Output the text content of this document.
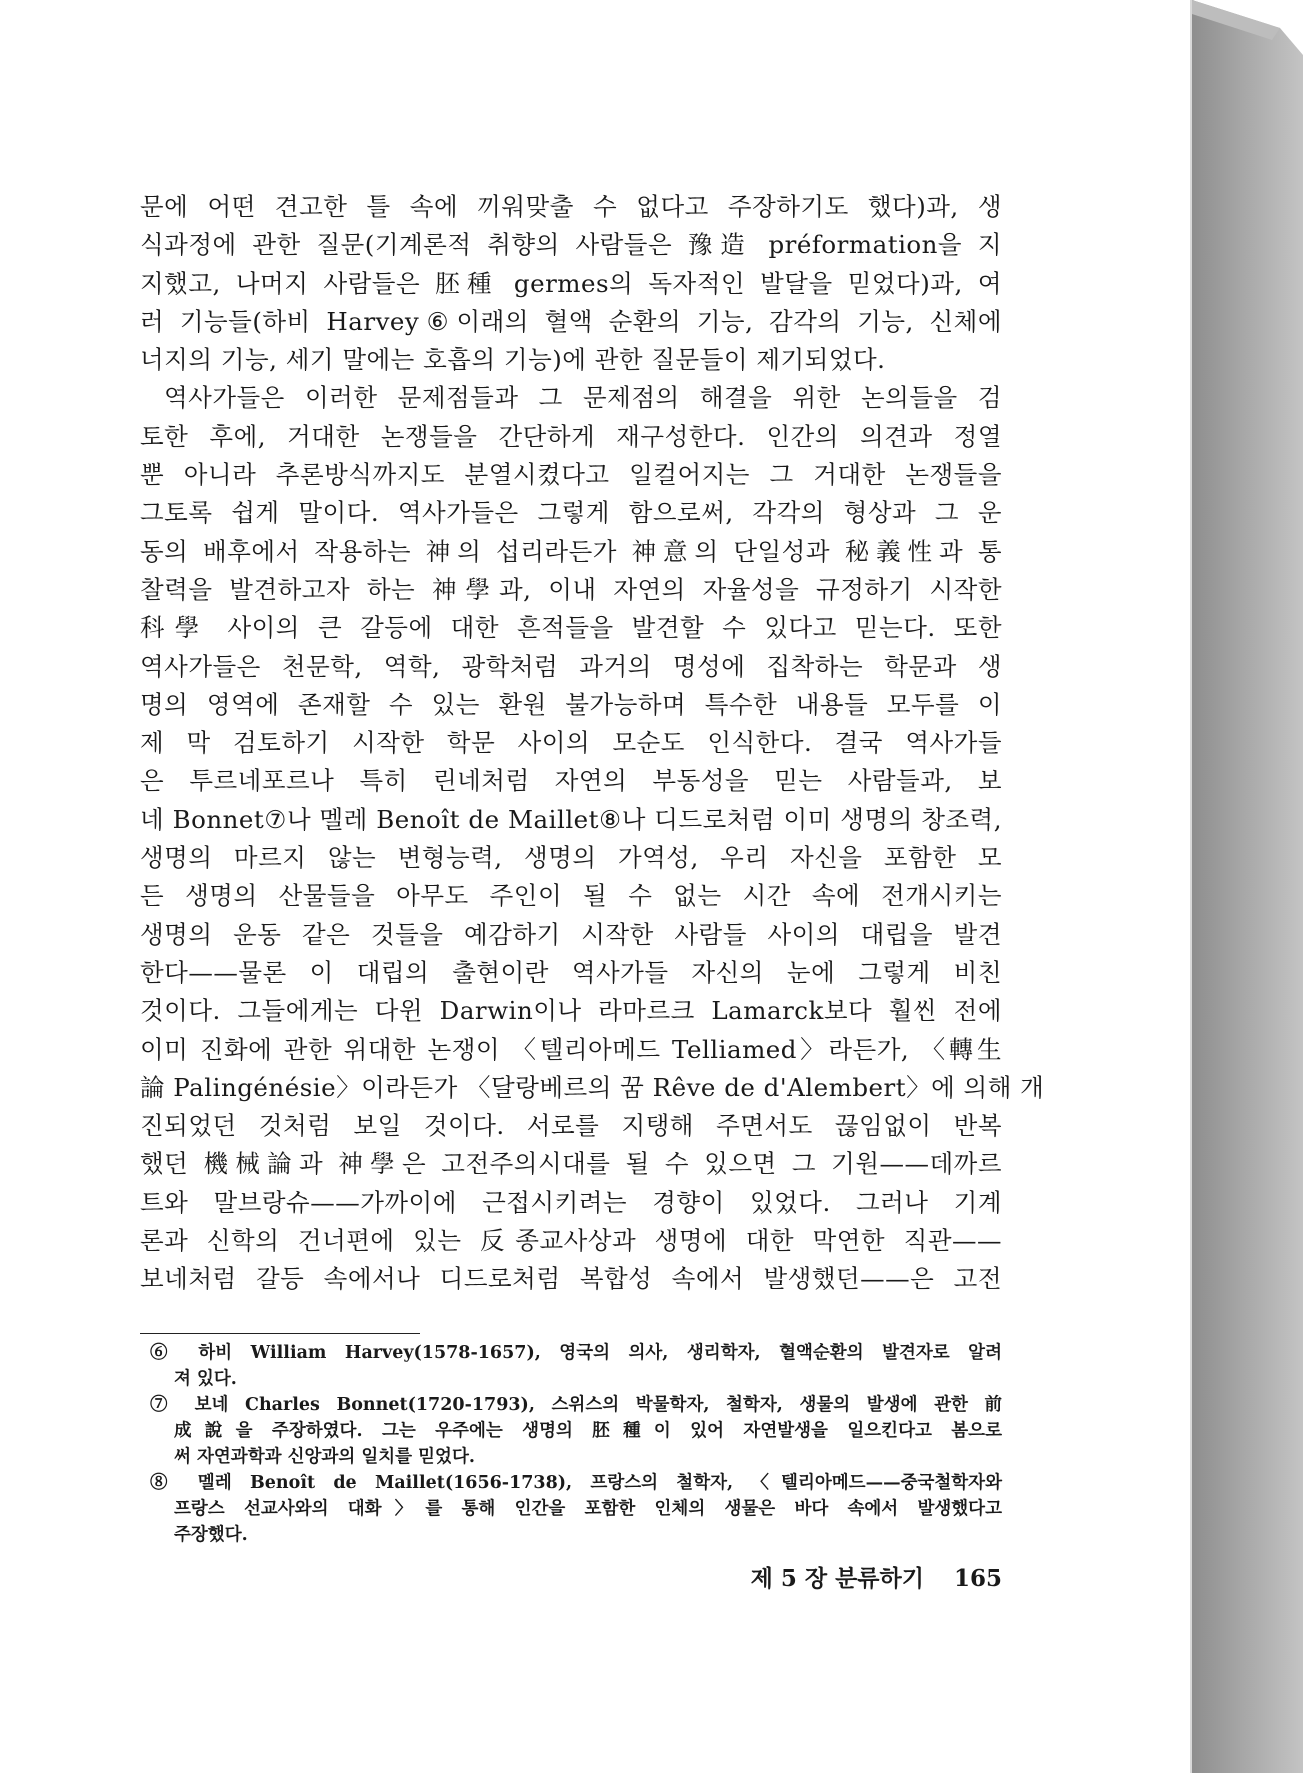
문에 어떤 견고한 틀 속에 끼워맞출 수 없다고 주장하기도 했다)과, 생
식과정에 관한 질문(기계론적 취향의 사람들은 豫造 préformation을 지
지했고, 나머지 사람들은 胚種 germes의 독자적인 발달을 믿었다)과, 여
러 기능들(하비 Harvey⑥이래의 혈액 순환의 기능, 감각의 기능, 신체에
너지의 기능, 세기 말에는 호흡의 기능)에 관한 질문들이 제기되었다.
역사가들은 이러한 문제점들과 그 문제점의 해결을 위한 논의들을 검
토한 후에, 거대한 논쟁들을 간단하게 재구성한다. 인간의 의견과 정열
뿐 아니라 추론방식까지도 분열시켰다고 일컬어지는 그 거대한 논쟁들을
그토록 쉽게 말이다. 역사가들은 그렇게 함으로써, 각각의 형상과 그 운
동의 배후에서 작용하는 神의 섭리라든가 神意의 단일성과 秘義性과 통
찰력을 발견하고자 하는 神學과, 이내 자연의 자율성을 규정하기 시작한
科學 사이의 큰 갈등에 대한 흔적들을 발견할 수 있다고 믿는다. 또한
역사가들은 천문학, 역학, 광학처럼 과거의 명성에 집착하는 학문과 생
명의 영역에 존재할 수 있는 환원 불가능하며 특수한 내용들 모두를 이
제 막 검토하기 시작한 학문 사이의 모순도 인식한다. 결국 역사가들
은 투르네포르나 특히 린네처럼 자연의 부동성을 믿는 사람들과, 보
네 Bonnet⑦나 멜레 Benoît de Maillet⑧나 디드로처럼 이미 생명의 창조력,
생명의 마르지 않는 변형능력, 생명의 가역성, 우리 자신을 포함한 모
든 생명의 산물들을 아무도 주인이 될 수 없는 시간 속에 전개시키는
생명의 운동 같은 것들을 예감하기 시작한 사람들 사이의 대립을 발견
한다——물론 이 대립의 출현이란 역사가들 자신의 눈에 그렇게 비친
것이다. 그들에게는 다윈 Darwin이나 라마르크 Lamarck보다 훨씬 전에
이미 진화에 관한 위대한 논쟁이 〈텔리아메드 Telliamed〉라든가, 〈轉生
論 Palingénésie〉이라든가 〈달랑베르의 꿈 Rêve de d'Alembert〉에 의해 개
진되었던 것처럼 보일 것이다. 서로를 지탱해 주면서도 끊임없이 반복
했던 機械論과 神學은 고전주의시대를 될 수 있으면 그 기원——데까르
트와 말브랑슈——가까이에 근접시키려는 경향이 있었다. 그러나 기계
론과 신학의 건너편에 있는 反종교사상과 생명에 대한 막연한 직관——
보네처럼 갈등 속에서나 디드로처럼 복합성 속에서 발생했던——은 고전
⑥ 하비 William Harvey(1578-1657), 영국의 의사, 생리학자, 혈액순환의 발견자로 알려
져 있다.
⑦ 보네 Charles Bonnet(1720-1793), 스위스의 박물학자, 철학자, 생물의 발생에 관한 前
成說을 주장하였다. 그는 우주에는 생명의 胚種이 있어 자연발생을 일으킨다고 봄으로
써 자연과학과 신앙과의 일치를 믿었다.
⑧ 멜레 Benoît de Maillet(1656-1738), 프랑스의 철학자, 〈텔리아메드——중국철학자와
프랑스 선교사와의 대화〉를 통해 인간을 포함한 인체의 생물은 바다 속에서 발생했다고
주장했다.
제 5 장 분류하기 165
